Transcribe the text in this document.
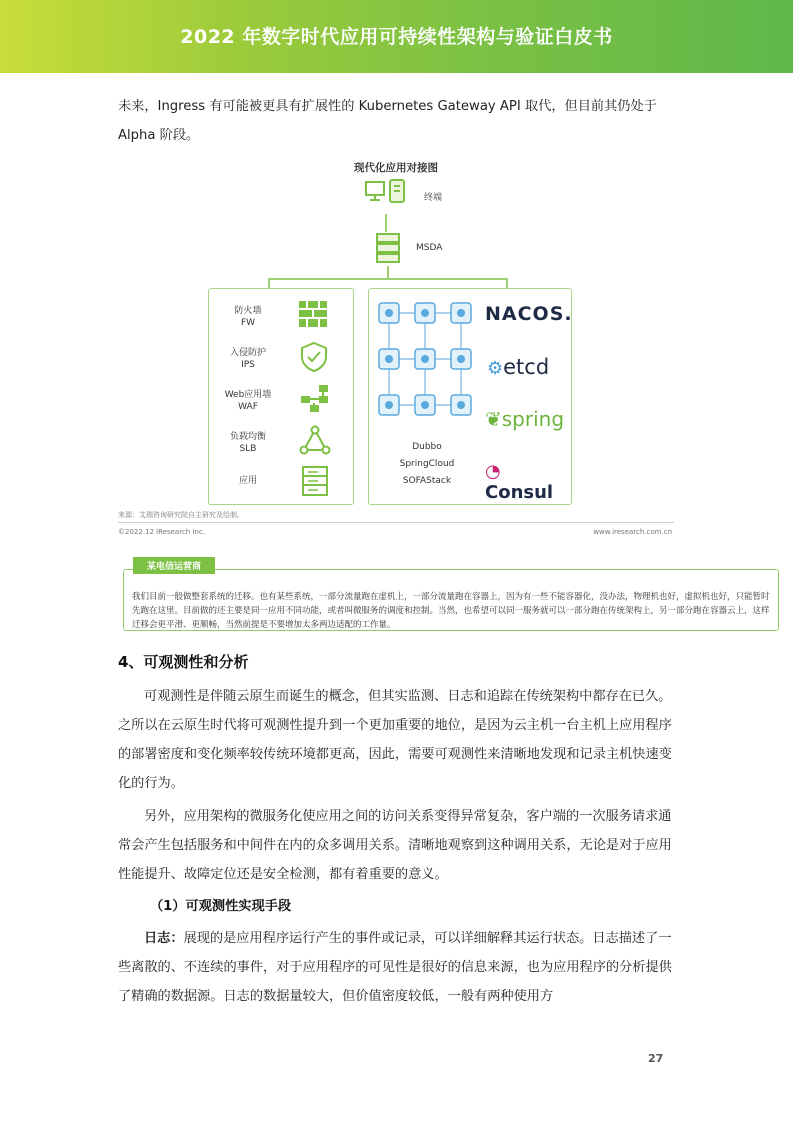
2022 年数字时代应用可持续性架构与验证白皮书

未来，Ingress 有可能被更具有扩展性的 Kubernetes Gateway API 取代，但目前其仍处于 Alpha 阶段。

现代化应用对接图
终端
MSDA
防火墙
FW
入侵防护
IPS
Web应用墙
WAF
负载均衡
SLB
应用
Dubbo
SpringCloud
SOFAStack
NACOS.
⚙etcd
❦spring
◔ Consul
来源：艾瑞咨询研究院自主研究及绘制。
©2022.12 iResearch Inc.	www.iresearch.com.cn
我们目前一般做整套系统的迁移。也有某些系统，一部分流量跑在虚机上，一部分流量跑在容器上，因为有一些不能容器化，没办法，物理机也好，虚拟机也好，只能暂时先跑在这里。目前做的还主要是同一应用不同功能，或者叫微服务的调度和控制。当然，也希望可以同一服务就可以一部分跑在传统架构上，另一部分跑在容器云上，这样迁移会更平滑、更顺畅，当然前提是不要增加太多两边适配的工作量。
某电信运营商
4、可观测性和分析

可观测性是伴随云原生而诞生的概念，但其实监测、日志和追踪在传统架构中都存在已久。之所以在云原生时代将可观测性提升到一个更加重要的地位，是因为云主机一台主机上应用程序的部署密度和变化频率较传统环境都更高，因此，需要可观测性来清晰地发现和记录主机快速变化的行为。

另外，应用架构的微服务化使应用之间的访问关系变得异常复杂，客户端的一次服务请求通常会产生包括服务和中间件在内的众多调用关系。清晰地观察到这种调用关系，无论是对于应用性能提升、故障定位还是安全检测，都有着重要的意义。

（1）可观测性实现手段

日志：展现的是应用程序运行产生的事件或记录，可以详细解释其运行状态。日志描述了一些离散的、不连续的事件，对于应用程序的可见性是很好的信息来源，也为应用程序的分析提供了精确的数据源。日志的数据量较大，但价值密度较低，一般有两种使用方

27
